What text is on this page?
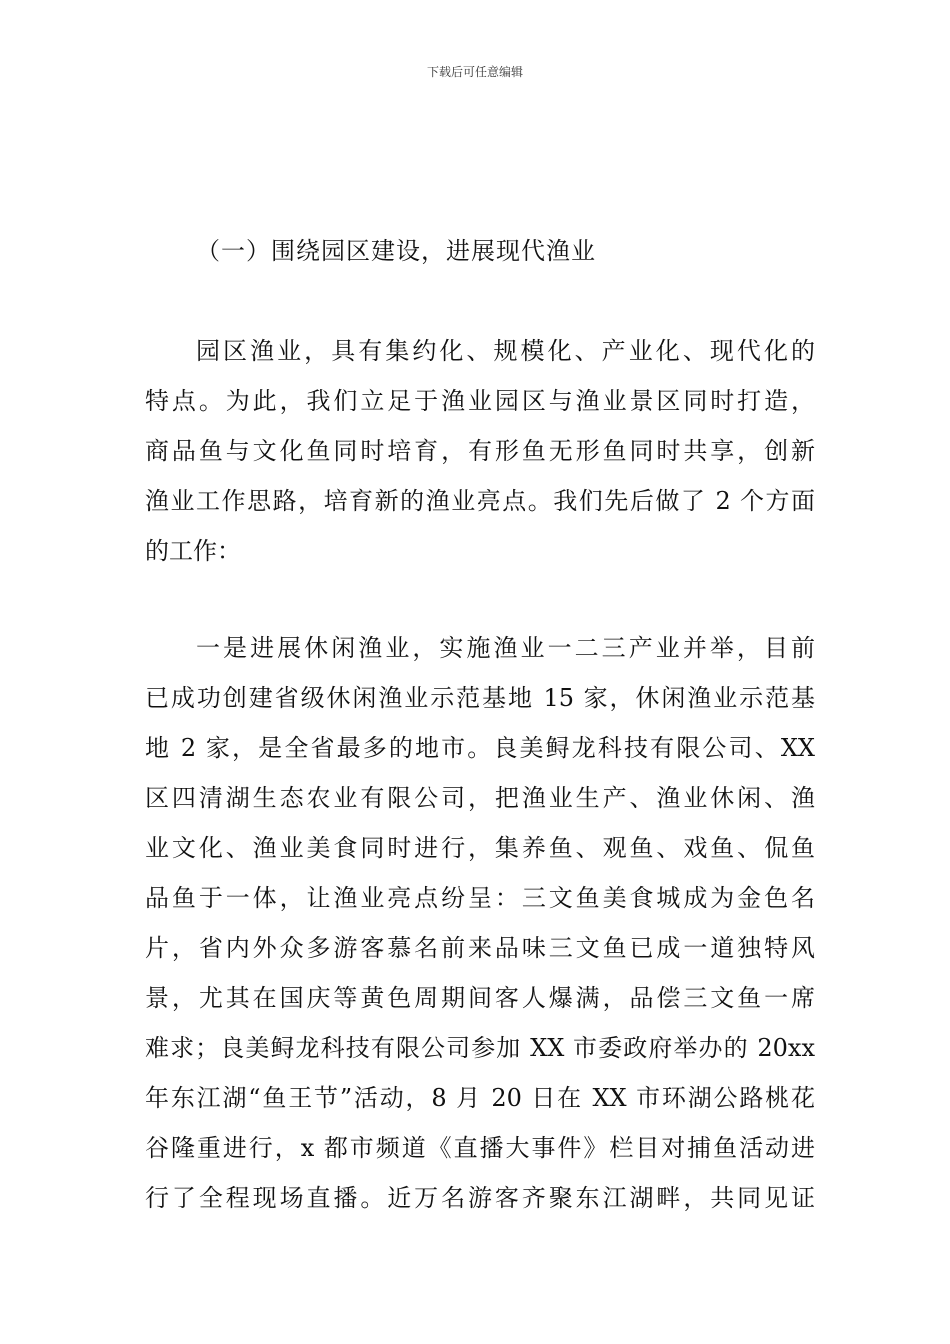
下载后可任意编辑
（一）围绕园区建设，进展现代渔业
园区渔业，具有集约化、规模化、产业化、现代化的
特点。为此，我们立足于渔业园区与渔业景区同时打造，
商品鱼与文化鱼同时培育，有形鱼无形鱼同时共享，创新
渔业工作思路，培育新的渔业亮点。我们先后做了 2 个方面
的工作：
一是进展休闲渔业，实施渔业一二三产业并举，目前
已成功创建省级休闲渔业示范基地 15 家，休闲渔业示范基
地 2 家，是全省最多的地市。良美鲟龙科技有限公司、XX
区四清湖生态农业有限公司，把渔业生产、渔业休闲、渔
业文化、渔业美食同时进行，集养鱼、观鱼、戏鱼、侃鱼
品鱼于一体，让渔业亮点纷呈：三文鱼美食城成为金色名
片，省内外众多游客慕名前来品味三文鱼已成一道独特风
景，尤其在国庆等黄色周期间客人爆满，品偿三文鱼一席
难求；良美鲟龙科技有限公司参加 XX 市委政府举办的 20xx
年东江湖“鱼王节”活动，8 月 20 日在 XX 市环湖公路桃花
谷隆重进行，x 都市频道《直播大事件》栏目对捕鱼活动进
行了全程现场直播。近万名游客齐聚东江湖畔，共同见证
